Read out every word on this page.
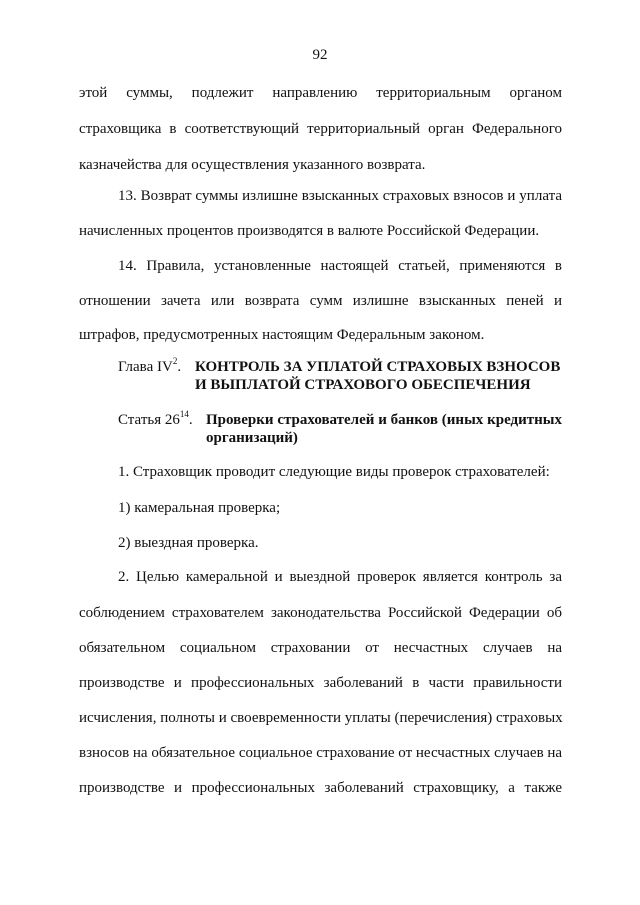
92
этой суммы, подлежит направлению территориальным органом
страховщика в соответствующий территориальный орган Федерального
казначейства для осуществления указанного возврата.
13. Возврат суммы излишне взысканных страховых взносов и уплата
начисленных процентов производятся в валюте Российской Федерации.
14. Правила, установленные настоящей статьей, применяются в
отношении зачета или возврата сумм излишне взысканных пеней и
штрафов, предусмотренных настоящим Федеральным законом.
Глава $IV^2$. КОНТРОЛЬ ЗА УПЛАТОЙ СТРАХОВЫХ ВЗНОСОВ
И ВЫПЛАТОЙ СТРАХОВОГО ОБЕСПЕЧЕНИЯ
Статья $26^{14}$. Проверки страхователей и банков (иных кредитных
организаций)
1. Страховщик проводит следующие виды проверок страхователей:
1) камеральная проверка;
2) выездная проверка.
2. Целью камеральной и выездной проверок является контроль за
соблюдением страхователем законодательства Российской Федерации об
обязательном социальном страховании от несчастных случаев на
производстве и профессиональных заболеваний в части правильности
исчисления, полноты и своевременности уплаты (перечисления) страховых
взносов на обязательное социальное страхование от несчастных случаев на
производстве и профессиональных заболеваний страховщику, а также
